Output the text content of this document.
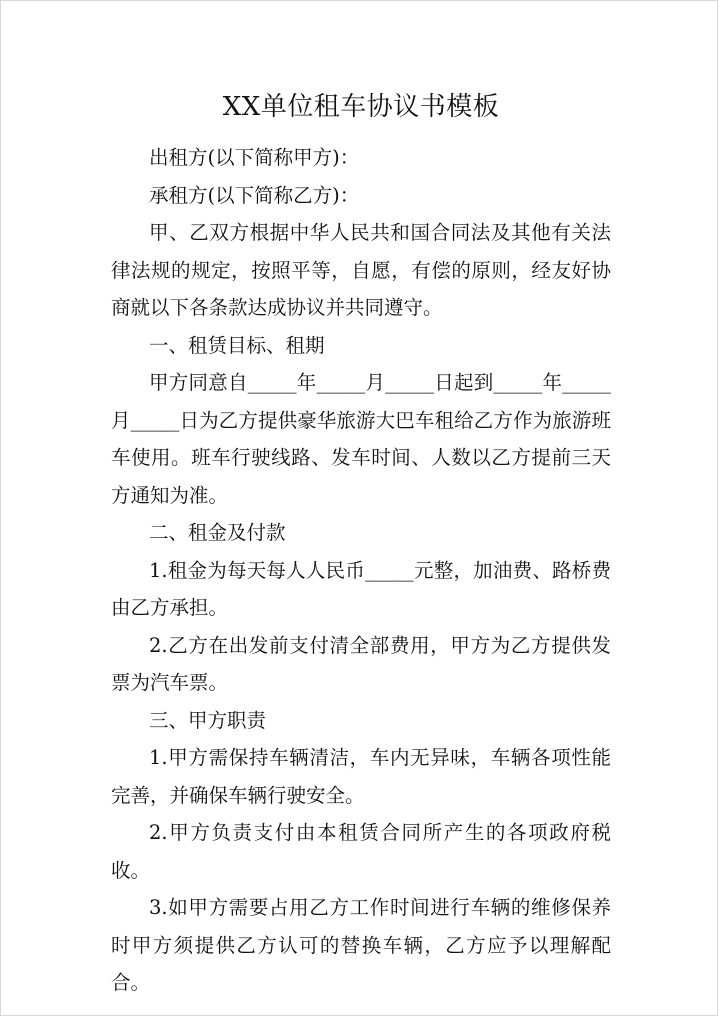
XX单位租车协议书模板

出租方(以下简称甲方)：

承租方(以下简称乙方)：

甲、乙双方根据中华人民共和国合同法及其他有关法律法规的规定，按照平等，自愿，有偿的原则，经友好协商就以下各条款达成协议并共同遵守。

一、租赁目标、租期

甲方同意自_____年_____月_____日起到_____年_____月_____日为乙方提供豪华旅游大巴车租给乙方作为旅游班车使用。班车行驶线路、发车时间、人数以乙方提前三天方通知为准。

二、租金及付款

1.租金为每天每人人民币_____元整，加油费、路桥费由乙方承担。

2.乙方在出发前支付清全部费用，甲方为乙方提供发票为汽车票。

三、甲方职责

1.甲方需保持车辆清洁，车内无异味，车辆各项性能完善，并确保车辆行驶安全。

2.甲方负责支付由本租赁合同所产生的各项政府税收。

3.如甲方需要占用乙方工作时间进行车辆的维修保养时甲方须提供乙方认可的替换车辆，乙方应予以理解配合。
